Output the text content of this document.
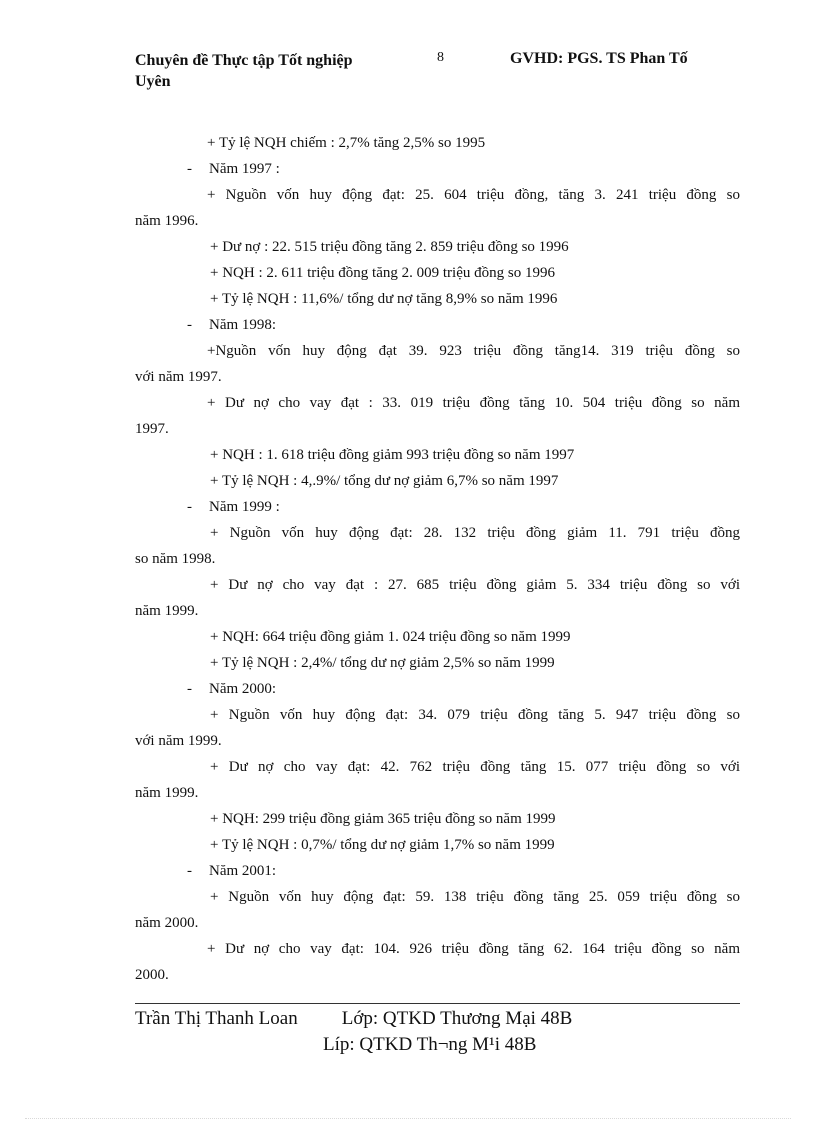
Chuyên đề Thực tập Tốt nghiệp
Uyên
8	GVHD: PGS. TS Phan Tố
+ Tỷ lệ NQH chiếm : 2,7% tăng 2,5% so 1995
- Năm 1997 :
+ Nguồn vốn huy động đạt: 25. 604 triệu đồng, tăng 3. 241 triệu đồng so
năm 1996.
+ Dư nợ : 22. 515 triệu đồng tăng 2. 859 triệu đồng so 1996
+ NQH : 2. 611 triệu đồng tăng 2. 009 triệu đồng so 1996
+ Tỷ lệ NQH : 11,6%/ tổng dư nợ tăng 8,9% so năm 1996
- Năm 1998:
+Nguồn vốn huy động đạt 39. 923 triệu đồng tăng14. 319 triệu đồng so
với năm 1997.
+ Dư nợ cho vay đạt : 33. 019 triệu đồng tăng 10. 504 triệu đồng so năm
1997.
+ NQH : 1. 618 triệu đồng giảm 993 triệu đồng so năm 1997
+ Tỷ lệ NQH : 4,.9%/ tổng dư nợ giảm 6,7% so năm 1997
- Năm 1999 :
+ Nguồn vốn huy động đạt: 28. 132 triệu đồng giảm 11. 791 triệu đồng
so năm 1998.
+ Dư nợ cho vay đạt : 27. 685 triệu đồng giảm 5. 334 triệu đồng so với
năm 1999.
+ NQH: 664 triệu đồng giảm 1. 024 triệu đồng so năm 1999
+ Tỷ lệ NQH : 2,4%/ tổng dư nợ giảm 2,5% so năm 1999
- Năm 2000:
+ Nguồn vốn huy động đạt: 34. 079 triệu đồng tăng 5. 947 triệu đồng so
với năm 1999.
+ Dư nợ cho vay đạt: 42. 762 triệu đồng tăng 15. 077 triệu đồng so với
năm 1999.
+ NQH: 299 triệu đồng giảm 365 triệu đồng so năm 1999
+ Tỷ lệ NQH : 0,7%/ tổng dư nợ giảm 1,7% so năm 1999
- Năm 2001:
+ Nguồn vốn huy động đạt: 59. 138 triệu đồng tăng 25. 059 triệu đồng so
năm 2000.
+ Dư nợ cho vay đạt: 104. 926 triệu đồng tăng 62. 164 triệu đồng so năm
2000.
Trần Thị Thanh Loan Lớp: QTKD Thương Mại 48B
Líp: QTKD Th¬ng M¹i 48B
